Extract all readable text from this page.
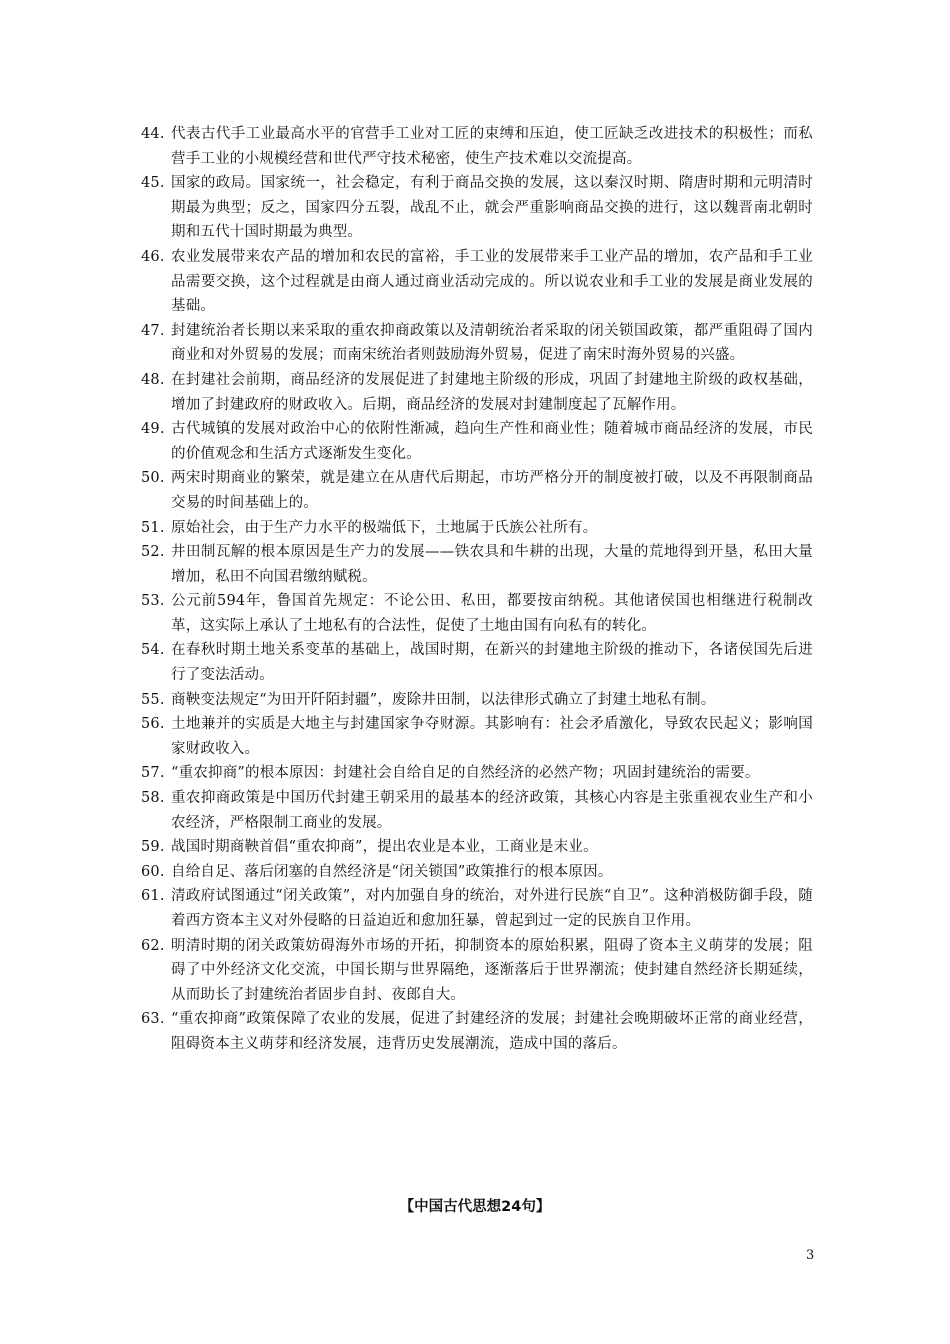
44. 代表古代手工业最高水平的官营手工业对工匠的束缚和压迫，使工匠缺乏改进技术的积极性；而私营手工业的小规模经营和世代严守技术秘密，使生产技术难以交流提高。
45. 国家的政局。国家统一，社会稳定，有利于商品交换的发展，这以秦汉时期、隋唐时期和元明清时期最为典型；反之，国家四分五裂，战乱不止，就会严重影响商品交换的进行，这以魏晋南北朝时期和五代十国时期最为典型。
46. 农业发展带来农产品的增加和农民的富裕，手工业的发展带来手工业产品的增加，农产品和手工业品需要交换，这个过程就是由商人通过商业活动完成的。所以说农业和手工业的发展是商业发展的基础。
47. 封建统治者长期以来采取的重农抑商政策以及清朝统治者采取的闭关锁国政策，都严重阻碍了国内商业和对外贸易的发展；而南宋统治者则鼓励海外贸易，促进了南宋时海外贸易的兴盛。
48. 在封建社会前期，商品经济的发展促进了封建地主阶级的形成，巩固了封建地主阶级的政权基础，增加了封建政府的财政收入。后期，商品经济的发展对封建制度起了瓦解作用。
49. 古代城镇的发展对政治中心的依附性渐减，趋向生产性和商业性；随着城市商品经济的发展，市民的价值观念和生活方式逐渐发生变化。
50. 两宋时期商业的繁荣，就是建立在从唐代后期起，市坊严格分开的制度被打破，以及不再限制商品交易的时间基础上的。
51. 原始社会，由于生产力水平的极端低下，土地属于氏族公社所有。
52. 井田制瓦解的根本原因是生产力的发展——铁农具和牛耕的出现，大量的荒地得到开垦，私田大量增加，私田不向国君缴纳赋税。
53. 公元前594年，鲁国首先规定：不论公田、私田，都要按亩纳税。其他诸侯国也相继进行税制改革，这实际上承认了土地私有的合法性，促使了土地由国有向私有的转化。
54. 在春秋时期土地关系变革的基础上，战国时期，在新兴的封建地主阶级的推动下，各诸侯国先后进行了变法活动。
55. 商鞅变法规定“为田开阡陌封疆”，废除井田制，以法律形式确立了封建土地私有制。
56. 土地兼并的实质是大地主与封建国家争夺财源。其影响有：社会矛盾激化，导致农民起义；影响国家财政收入。
57. “重农抑商”的根本原因：封建社会自给自足的自然经济的必然产物；巩固封建统治的需要。
58. 重农抑商政策是中国历代封建王朝采用的最基本的经济政策，其核心内容是主张重视农业生产和小农经济，严格限制工商业的发展。
59. 战国时期商鞅首倡“重农抑商”，提出农业是本业，工商业是末业。
60. 自给自足、落后闭塞的自然经济是“闭关锁国”政策推行的根本原因。
61. 清政府试图通过“闭关政策”，对内加强自身的统治，对外进行民族“自卫”。这种消极防御手段，随着西方资本主义对外侵略的日益迫近和愈加狂暴，曾起到过一定的民族自卫作用。
62. 明清时期的闭关政策妨碍海外市场的开拓，抑制资本的原始积累，阻碍了资本主义萌芽的发展；阻碍了中外经济文化交流，中国长期与世界隔绝，逐渐落后于世界潮流；使封建自然经济长期延续，从而助长了封建统治者固步自封、夜郎自大。
63. “重农抑商”政策保障了农业的发展，促进了封建经济的发展；封建社会晚期破坏正常的商业经营，阻碍资本主义萌芽和经济发展，违背历史发展潮流，造成中国的落后。
【中国古代思想24句】
3
